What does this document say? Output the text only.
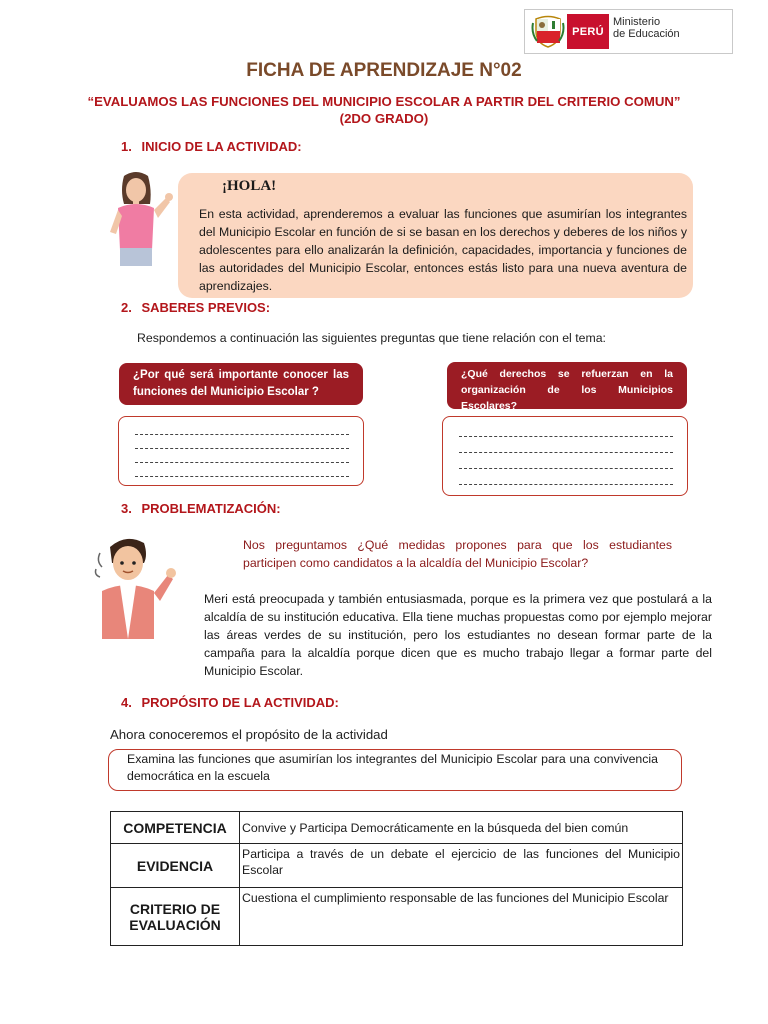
PERÚ
Ministerio
de Educación
FICHA DE APRENDIZAJE N°02
“EVALUAMOS LAS FUNCIONES DEL MUNICIPIO ESCOLAR A PARTIR DEL CRITERIO COMUN”
(2DO GRADO)
1. INICIO DE LA ACTIVIDAD:
¡HOLA!
En esta actividad, aprenderemos a evaluar las funciones que asumirían los integrantes del Municipio Escolar en función de si se basan en los derechos y deberes de los niños y adolescentes para ello analizarán la definición, capacidades, importancia y funciones de las autoridades del Municipio Escolar, entonces estás listo para una nueva aventura de aprendizajes.
2. SABERES PREVIOS:
Respondemos a continuación las siguientes preguntas que tiene relación con el tema:
¿Por qué será importante conocer las funciones del Municipio Escolar ?
¿Qué derechos se refuerzan en la organización de los Municipios Escolares?
3. PROBLEMATIZACIÓN:
Nos preguntamos ¿Qué medidas propones para que los estudiantes participen como candidatos a la alcaldía del Municipio Escolar?
Meri está preocupada y también entusiasmada, porque es la primera vez que postulará a la alcaldía de su institución educativa. Ella tiene muchas propuestas como por ejemplo mejorar las áreas verdes de su institución, pero los estudiantes no desean formar parte de la campaña para la alcaldía porque dicen que es mucho trabajo llegar a formar parte del Municipio Escolar.
4. PROPÓSITO DE LA ACTIVIDAD:
Ahora conoceremos el propósito de la actividad
Examina las funciones que asumirían los integrantes del Municipio Escolar para una convivencia democrática en la escuela
COMPETENCIA	Convive y Participa Democráticamente en la búsqueda del bien común
EVIDENCIA	Participa a través de un debate el ejercicio de las funciones del Municipio Escolar
CRITERIO DE EVALUACIÓN	Cuestiona el cumplimiento responsable de las funciones del Municipio Escolar
